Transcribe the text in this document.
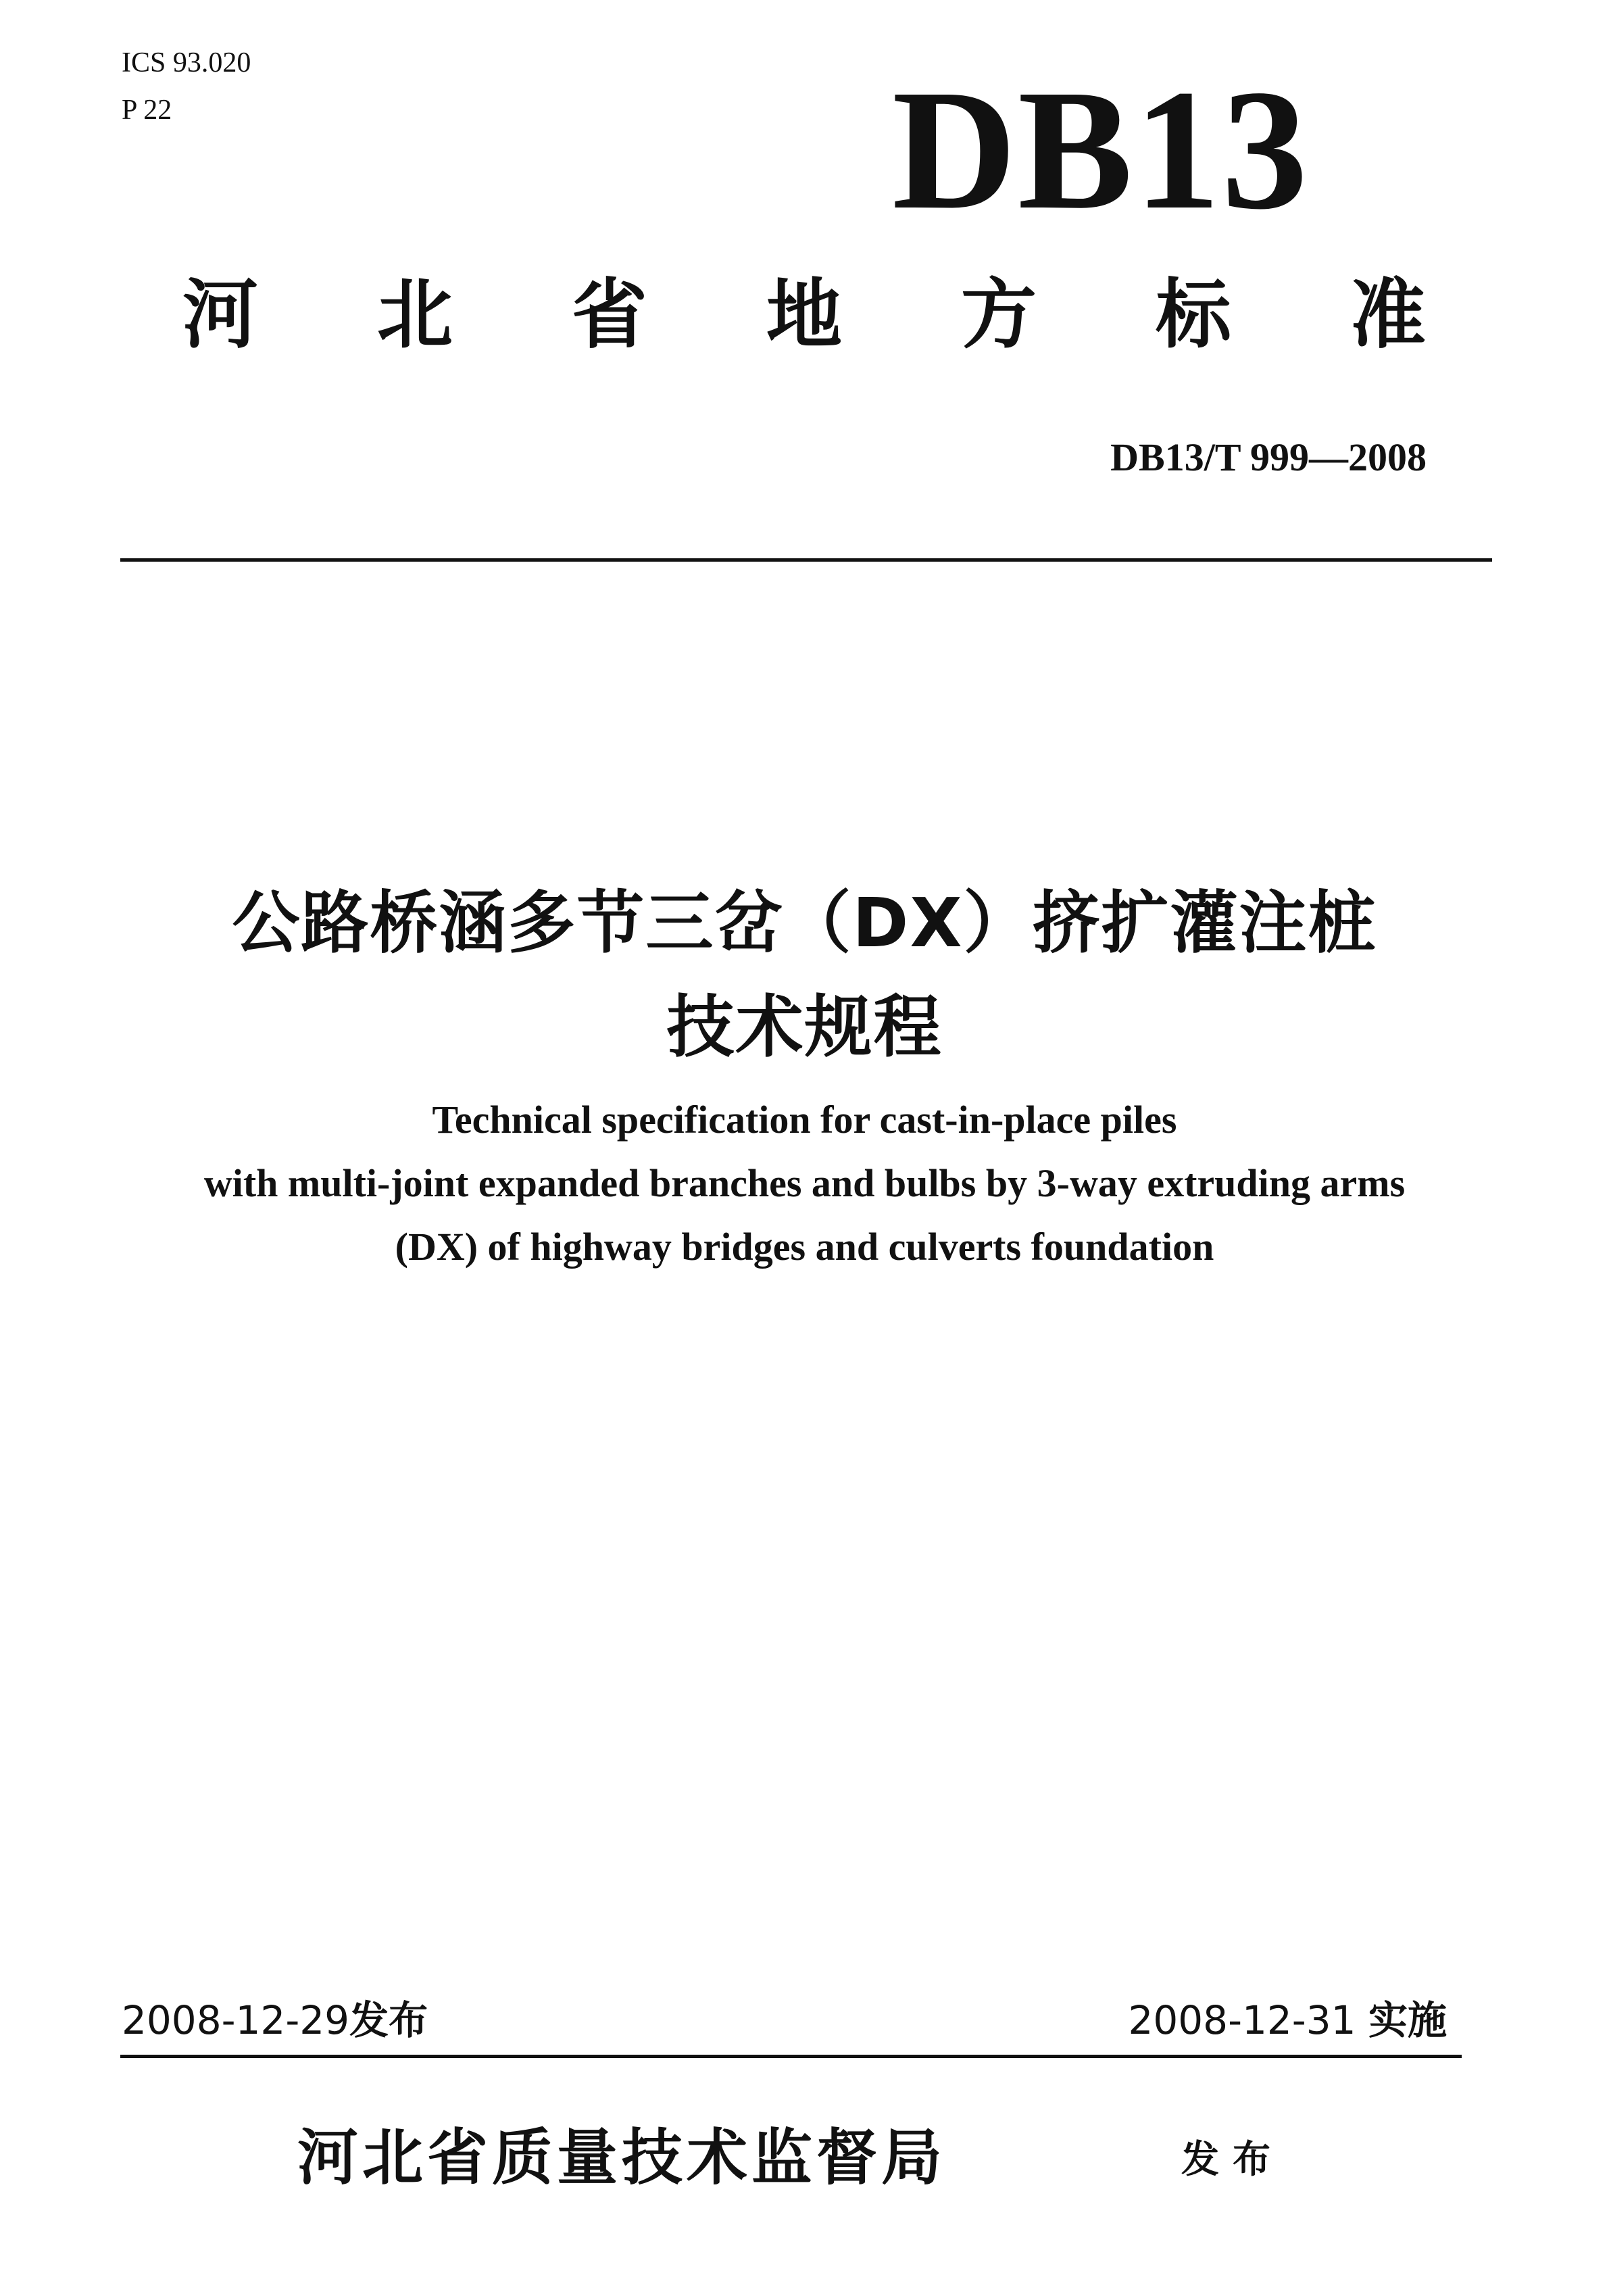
ICS 93.020
P 22	DB13
河 北 省 地 方 标 准
DB13/T 999—2008
公路桥涵多节三岔（DX）挤扩灌注桩
技术规程
Technical specification for cast-in-place piles
with multi-joint expanded branches and bulbs by 3-way extruding arms
(DX) of highway bridges and culverts foundation
2008-12-29发布	2008-12-31 实施
河北省质量技术监督局	发布
